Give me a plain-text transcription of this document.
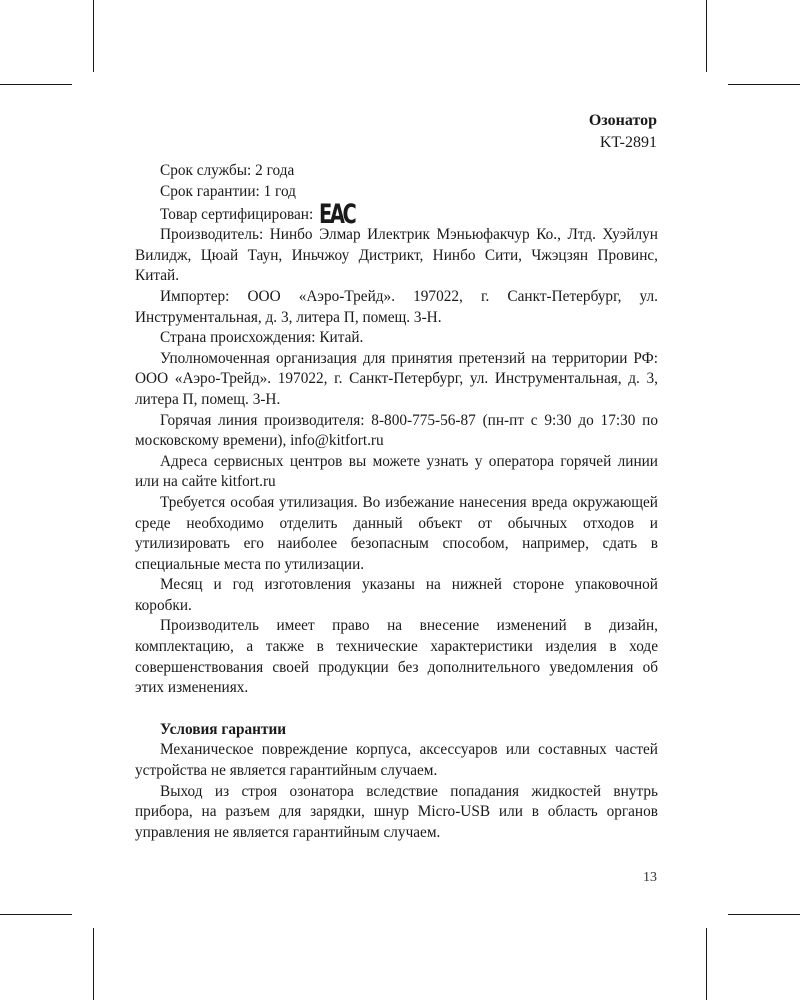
Озонатор
KT-2891

Срок службы: 2 года

Срок гарантии: 1 год

Товар сертифицирован: EAC

Производитель: Нинбо Элмар Илектрик Мэньюфакчур Ко., Лтд. Хуэйлун Вилидж, Цюай Таун, Иньчжоу Дистрикт, Нинбо Сити, Чжэцзян Провинс, Китай.

Импортер: ООО «Аэро-Трейд». 197022, г. Санкт-Петербург, ул. Инструментальная, д. 3, литера П, помещ. 3-Н.

Страна происхождения: Китай.

Уполномоченная организация для принятия претензий на территории РФ: ООО «Аэро-Трейд». 197022, г. Санкт-Петербург, ул. Инструментальная, д. 3, литера П, помещ. 3-Н.

Горячая линия производителя: 8-800-775-56-87 (пн-пт с 9:30 до 17:30 по московскому времени), info@kitfort.ru

Адреса сервисных центров вы можете узнать у оператора горячей линии или на сайте kitfort.ru

Требуется особая утилизация. Во избежание нанесения вреда окружающей среде необходимо отделить данный объект от обычных отходов и утилизировать его наиболее безопасным способом, например, сдать в специальные места по утилизации.

Месяц и год изготовления указаны на нижней стороне упаковочной коробки.

Производитель имеет право на внесение изменений в дизайн, комплектацию, а также в технические характеристики изделия в ходе совершенствования своей продукции без дополнительного уведомления об этих изменениях.

Условия гарантии

Механическое повреждение корпуса, аксессуаров или составных частей устройства не является гарантийным случаем.

Выход из строя озонатора вследствие попадания жидкостей внутрь прибора, на разъем для зарядки, шнур Micro-USB или в область органов управления не является гарантийным случаем.

13
